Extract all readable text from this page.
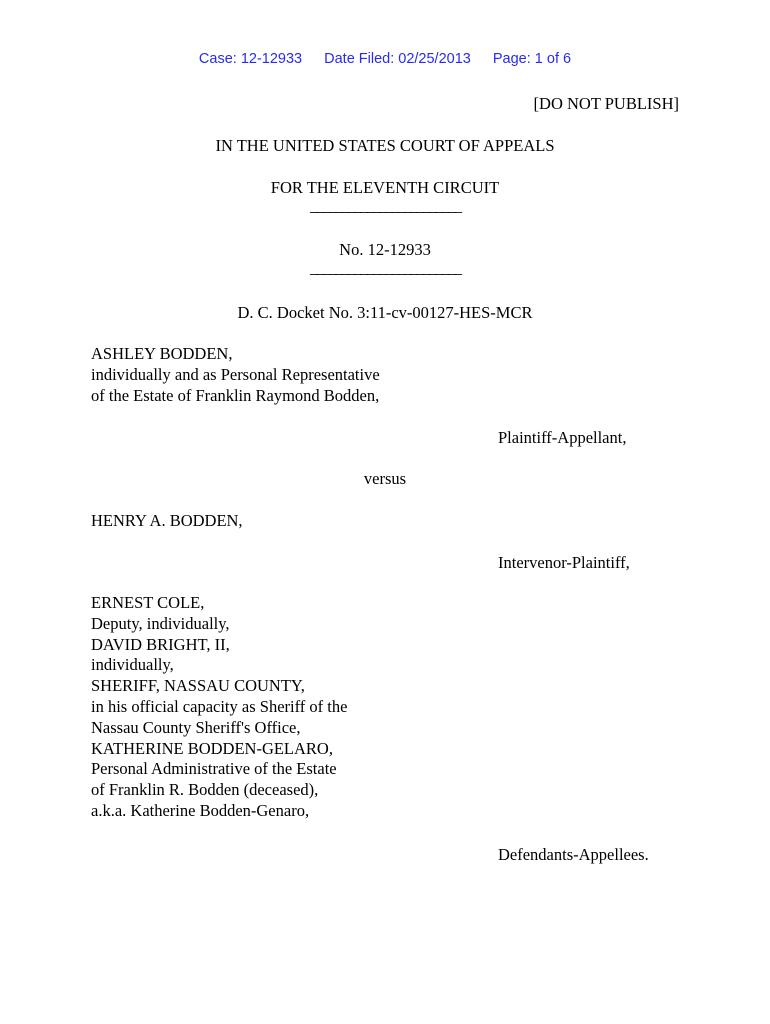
Case: 12-12933 Date Filed: 02/25/2013 Page: 1 of 6
[DO NOT PUBLISH]
IN THE UNITED STATES COURT OF APPEALS
FOR THE ELEVENTH CIRCUIT
________________________
No. 12-12933
________________________
D. C. Docket No. 3:11-cv-00127-HES-MCR
ASHLEY BODDEN,
individually and as Personal Representative
of the Estate of Franklin Raymond Bodden,
Plaintiff-Appellant,
versus
HENRY A. BODDEN,
Intervenor-Plaintiff,
ERNEST COLE,
Deputy, individually,
DAVID BRIGHT, II,
individually,
SHERIFF, NASSAU COUNTY,
in his official capacity as Sheriff of the
Nassau County Sheriff's Office,
KATHERINE BODDEN-GELARO,
Personal Administrative of the Estate
of Franklin R. Bodden (deceased),
a.k.a. Katherine Bodden-Genaro,
Defendants-Appellees.
